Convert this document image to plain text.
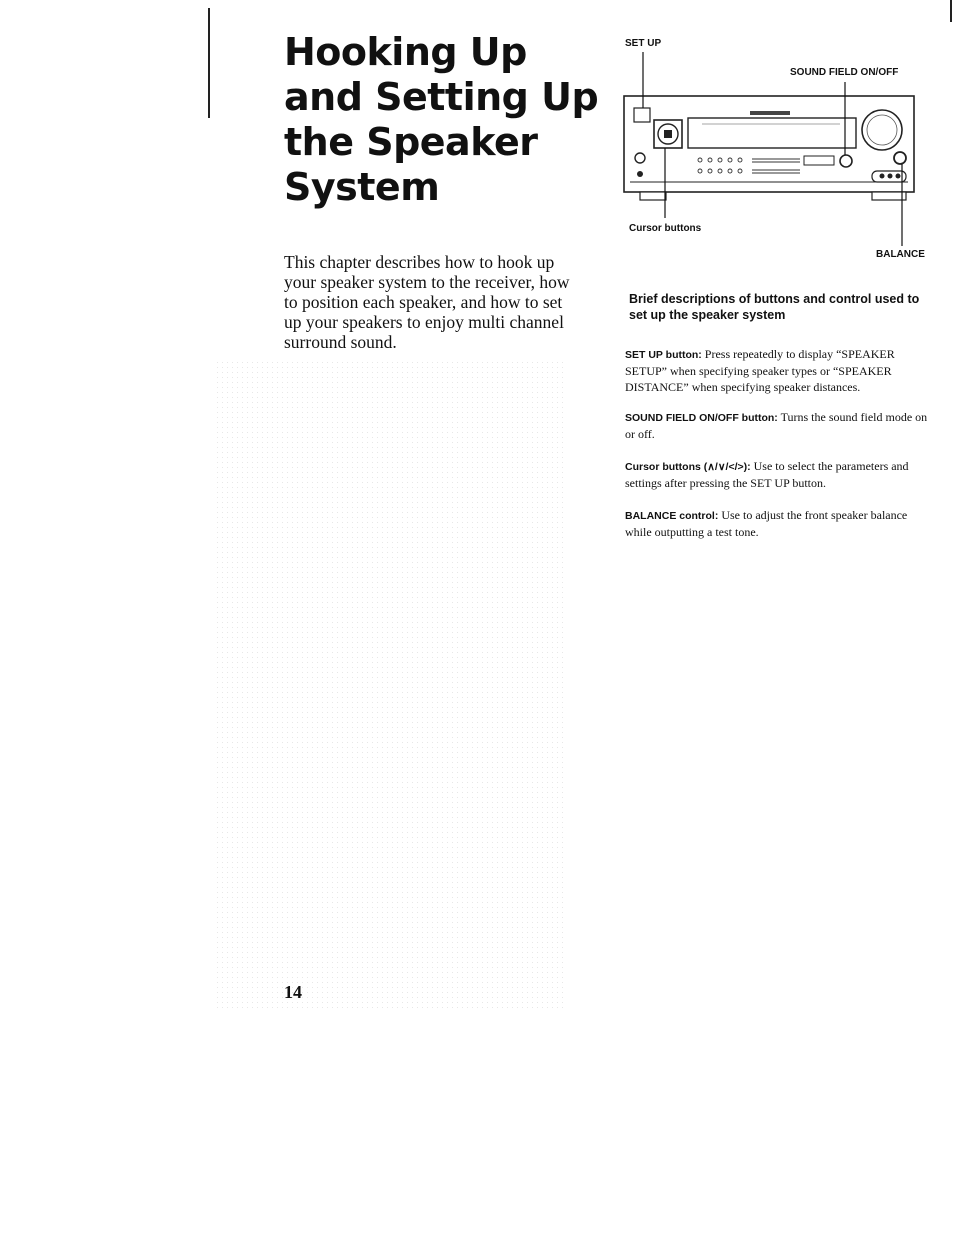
Hooking Up
and Setting Up
the Speaker
System
This chapter describes how to hook up your speaker system to the receiver, how to position each speaker, and how to set up your speakers to enjoy multi channel surround sound.
14
SET UP
SOUND FIELD ON/OFF
Cursor buttons
BALANCE
Brief descriptions of buttons and control used to set up the speaker system

SET UP button: Press repeatedly to display “SPEAKER SETUP” when specifying speaker types or “SPEAKER DISTANCE” when specifying speaker distances.

SOUND FIELD ON/OFF button: Turns the sound field mode on or off.

Cursor buttons (∧/∨/</>): Use to select the parameters and settings after pressing the SET UP button.

BALANCE control: Use to adjust the front speaker balance while outputting a test tone.
